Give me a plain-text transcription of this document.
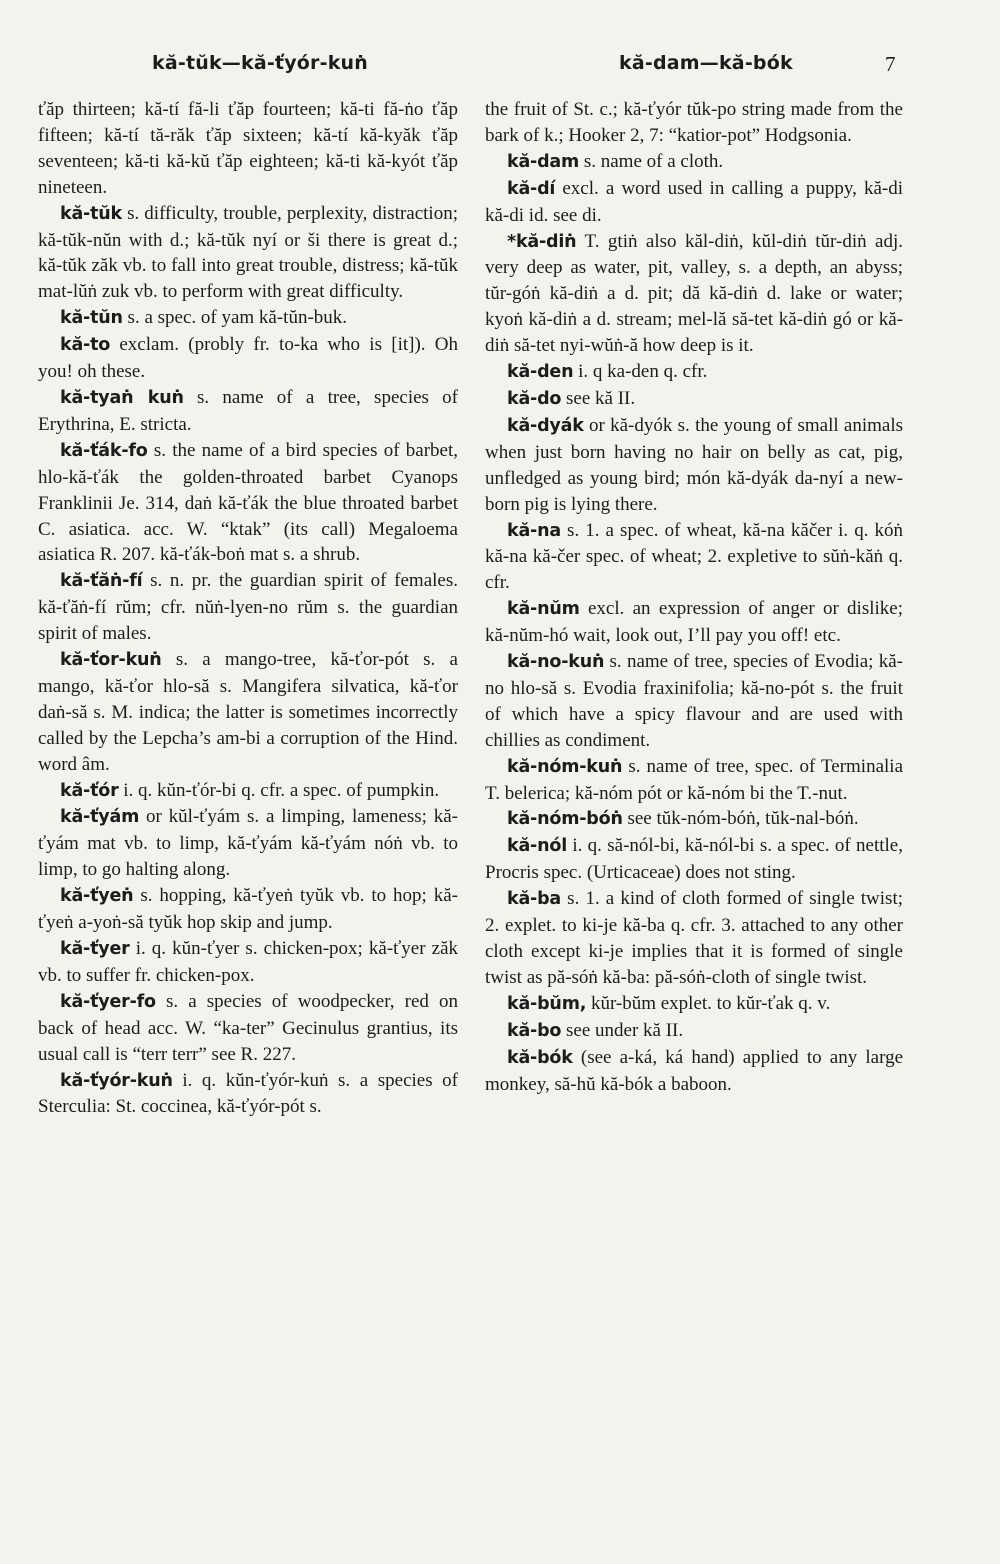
kă-tŭk—kă-ťyór-kuṅ	kă-dam—kă-bók	7

ťăp thirteen; kă-tí fă-li ťăp fourteen; kă-ti fă-ṅo ťăp fifteen; kă-tí tă-răk ťăp sixteen; kă-tí kă-kyăk ťăp seventeen; kă-ti kă-kŭ ťăp eighteen; kă-ti kă-kyót ťăp nineteen.

kă-tŭk s. difficulty, trouble, perplexity, distraction; kă-tŭk-nŭn with d.; kă-tŭk nyí or ši there is great d.; kă-tŭk zăk vb. to fall into great trouble, distress; kă-tŭk mat-lŭṅ zuk vb. to perform with great difficulty.

kă-tŭn s. a spec. of yam kă-tŭn-buk.

kă-to exclam. (probly fr. to-ka who is [it]). Oh you! oh these.

kă-tyaṅ kuṅ s. name of a tree, species of Erythrina, E. stricta.

kă-ťák-fo s. the name of a bird species of barbet, hlo-kă-ťák the golden-throated barbet Cyanops Franklinii Je. 314, daṅ kă-ťák the blue throated barbet C. asiatica. acc. W. “ktak” (its call) Megaloema asiatica R. 207. kă-ťák-boṅ mat s. a shrub.

kă-ťăṅ-fí s. n. pr. the guardian spirit of females. kă-ťăṅ-fí rŭm; cfr. nŭṅ-lyen-no rŭm s. the guardian spirit of males.

kă-ťor-kuṅ s. a mango-tree, kă-ťor-pót s. a mango, kă-ťor hlo-să s. Mangifera silvatica, kă-ťor daṅ-să s. M. indica; the latter is sometimes incorrectly called by the Lepcha’s am-bi a corruption of the Hind. word âm.

kă-ťór i. q. kŭn-ťór-bi q. cfr. a spec. of pumpkin.

kă-ťyám or kŭl-ťyám s. a limping, lameness; kă-ťyám mat vb. to limp, kă-ťyám kă-ťyám nóṅ vb. to limp, to go halting along.

kă-ťyeṅ s. hopping, kă-ťyeṅ tyŭk vb. to hop; kă-ťyeṅ a-yoṅ-să tyŭk hop skip and jump.

kă-ťyer i. q. kŭn-ťyer s. chicken-pox; kă-ťyer zăk vb. to suffer fr. chicken-pox.

kă-ťyer-fo s. a species of woodpecker, red on back of head acc. W. “ka-ter” Gecinulus grantius, its usual call is “terr terr” see R. 227.

kă-ťyór-kuṅ i. q. kŭn-ťyór-kuṅ s. a species of Sterculia: St. coccinea, kă-ťyór-pót s.

the fruit of St. c.; kă-ťyór tŭk-po string made from the bark of k.; Hooker 2, 7: “katior-pot” Hodgsonia.

kă-dam s. name of a cloth.

kă-dí excl. a word used in calling a puppy, kă-di kă-di id. see di.

*kă-diṅ T. gtiṅ also kăl-diṅ, kŭl-diṅ tŭr-diṅ adj. very deep as water, pit, valley, s. a depth, an abyss; tŭr-góṅ kă-diṅ a d. pit; dă kă-diṅ d. lake or water; kyoṅ kă-diṅ a d. stream; mel-lă să-tet kă-diṅ gó or kă-diṅ să-tet nyi-wŭṅ-ă how deep is it.

kă-den i. q ka-den q. cfr.

kă-do see kă II.

kă-dyák or kă-dyók s. the young of small animals when just born having no hair on belly as cat, pig, unfledged as young bird; món kă-dyák da-nyí a new-born pig is lying there.

kă-na s. 1. a spec. of wheat, kă-na kăčer i. q. kóṅ kă-na kă-čer spec. of wheat; 2. expletive to sŭṅ-kăṅ q. cfr.

kă-nŭm excl. an expression of anger or dislike; kă-nŭm-hó wait, look out, I’ll pay you off! etc.

kă-no-kuṅ s. name of tree, species of Evodia; kă-no hlo-să s. Evodia fraxinifolia; kă-no-pót s. the fruit of which have a spicy flavour and are used with chillies as condiment.

kă-nóm-kuṅ s. name of tree, spec. of Terminalia T. belerica; kă-nóm pót or kă-nóm bi the T.-nut.

kă-nóm-bóṅ see tŭk-nóm-bóṅ, tŭk-nal-bóṅ.

kă-nól i. q. să-nól-bi, kă-nól-bi s. a spec. of nettle, Procris spec. (Urticaceae) does not sting.

kă-ba s. 1. a kind of cloth formed of single twist; 2. explet. to ki-je kă-ba q. cfr. 3. attached to any other cloth except ki-je implies that it is formed of single twist as pă-sóṅ kă-ba: pă-sóṅ-cloth of single twist.

kă-bŭm, kŭr-bŭm explet. to kŭr-ťak q. v.

kă-bo see under kă II.

kă-bók (see a-ká, ká hand) applied to any large monkey, să-hŭ kă-bók a baboon.
